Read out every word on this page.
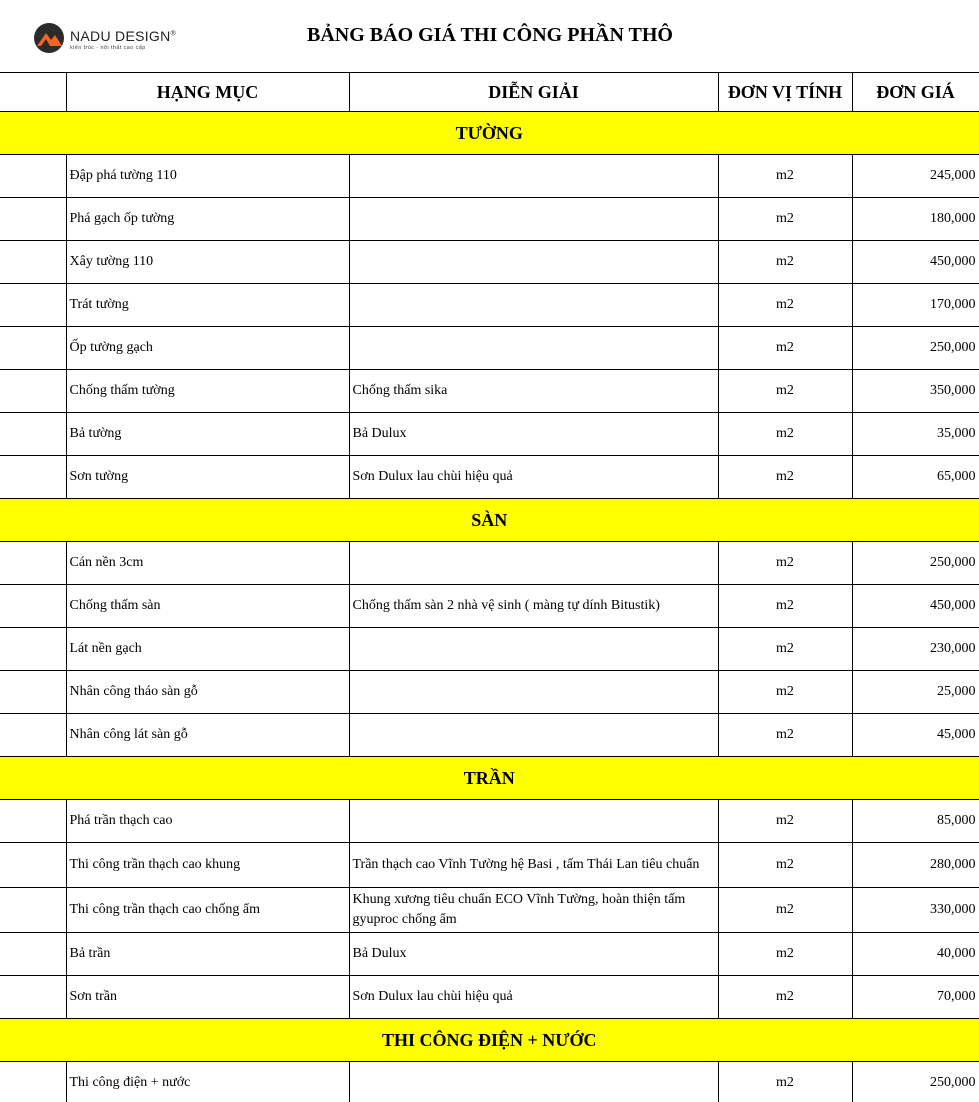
NADU DESIGN®
kiến trúc - nội thất cao cấp
BẢNG BÁO GIÁ THI CÔNG PHẦN THÔ
	HẠNG MỤC	DIỄN GIẢI	ĐƠN VỊ TÍNH	ĐƠN GIÁ
TƯỜNG				
	Đập phá tường 110		m2	245,000
	Phá gạch ốp tường		m2	180,000
	Xây tường 110		m2	450,000
	Trát tường		m2	170,000
	Ốp tường gạch		m2	250,000
	Chống thấm tường	Chống thấm sika	m2	350,000
	Bả tường	Bả Dulux	m2	35,000
	Sơn tường	Sơn Dulux lau chùi hiệu quả	m2	65,000
SÀN				
	Cán nền 3cm		m2	250,000
	Chống thấm sàn	Chống thấm sàn 2 nhà vệ sinh ( màng tự dính Bitustik)	m2	450,000
	Lát nền gạch		m2	230,000
	Nhân công tháo sàn gỗ		m2	25,000
	Nhân công lát sàn gỗ		m2	45,000
TRẦN				
	Phá trần thạch cao		m2	85,000
	Thi công trần thạch cao khung	Trần thạch cao Vĩnh Tường hệ Basi , tấm Thái Lan tiêu chuẩn	m2	280,000
	Thi công trần thạch cao chống ẩm	Khung xương tiêu chuẩn ECO Vĩnh Tường, hoàn thiện tấm gyuproc chống ẩm	m2	330,000
	Bả trần	Bả Dulux	m2	40,000
	Sơn trần	Sơn Dulux lau chùi hiệu quả	m2	70,000
THI CÔNG ĐIỆN + NƯỚC				
	Thi công điện + nước		m2	250,000
